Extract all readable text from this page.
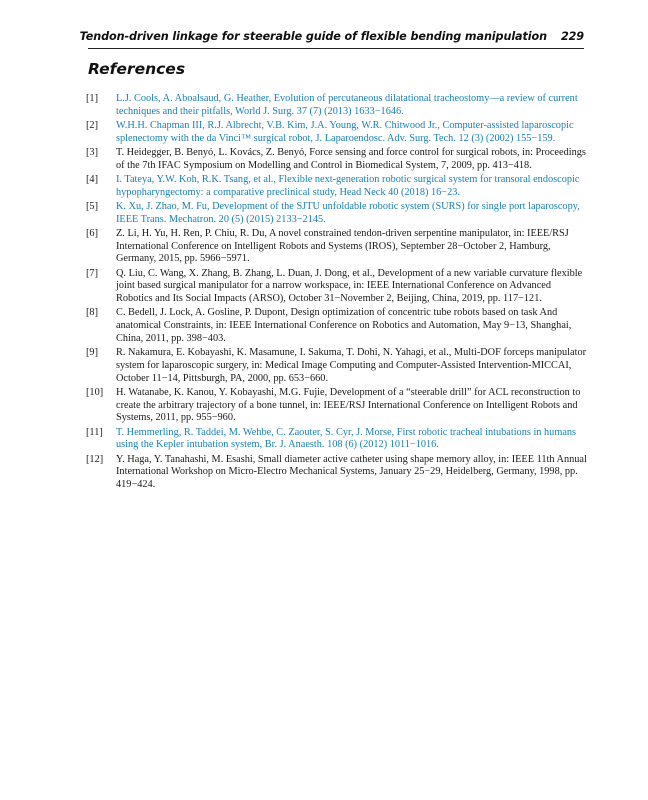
Tendon-driven linkage for steerable guide of flexible bending manipulation 229
References
[1]	L.J. Cools, A. Aboalsaud, G. Heather, Evolution of percutaneous dilatational tracheostomy—a review of current techniques and their pitfalls, World J. Surg. 37 (7) (2013) 1633−1646.
[2]	W.H.H. Chapman III, R.J. Albrecht, V.B. Kim, J.A. Young, W.R. Chitwood Jr., Computer-assisted laparoscopic splenectomy with the da Vinci™ surgical robot, J. Laparoendosc. Adv. Surg. Tech. 12 (3) (2002) 155−159.
[3]	T. Heidegger, B. Benyó, L. Kovács, Z. Benyó, Force sensing and force control for surgical robots, in: Proceedings of the 7th IFAC Symposium on Modelling and Control in Biomedical System, 7, 2009, pp. 413−418.
[4]	I. Tateya, Y.W. Koh, R.K. Tsang, et al., Flexible next-generation robotic surgical system for transoral endoscopic hypopharyngectomy: a comparative preclinical study, Head Neck 40 (2018) 16−23.
[5]	K. Xu, J. Zhao, M. Fu, Development of the SJTU unfoldable robotic system (SURS) for single port laparoscopy, IEEE Trans. Mechatron. 20 (5) (2015) 2133−2145.
[6]	Z. Li, H. Yu, H. Ren, P. Chiu, R. Du, A novel constrained tendon-driven serpentine manipulator, in: IEEE/RSJ International Conference on Intelligent Robots and Systems (IROS), September 28−October 2, Hamburg, Germany, 2015, pp. 5966−5971.
[7]	Q. Liu, C. Wang, X. Zhang, B. Zhang, L. Duan, J. Dong, et al., Development of a new variable curvature flexible joint based surgical manipulator for a narrow workspace, in: IEEE International Conference on Advanced Robotics and Its Social Impacts (ARSO), October 31−November 2, Beijing, China, 2019, pp. 117−121.
[8]	C. Bedell, J. Lock, A. Gosline, P. Dupont, Design optimization of concentric tube robots based on task And anatomical Constraints, in: IEEE International Conference on Robotics and Automation, May 9−13, Shanghai, China, 2011, pp. 398−403.
[9]	R. Nakamura, E. Kobayashi, K. Masamune, I. Sakuma, T. Dohi, N. Yahagi, et al., Multi-DOF forceps manipulator system for laparoscopic surgery, in: Medical Image Computing and Computer-Assisted Intervention-MICCAI, October 11−14, Pittsburgh, PA, 2000, pp. 653−660.
[10]	H. Watanabe, K. Kanou, Y. Kobayashi, M.G. Fujie, Development of a “steerable drill” for ACL reconstruction to create the arbitrary trajectory of a bone tunnel, in: IEEE/RSJ International Conference on Intelligent Robots and Systems, 2011, pp. 955−960.
[11]	T. Hemmerling, R. Taddei, M. Wehbe, C. Zaouter, S. Cyr, J. Morse, First robotic tracheal intubations in humans using the Kepler intubation system, Br. J. Anaesth. 108 (6) (2012) 1011−1016.
[12]	Y. Haga, Y. Tanahashi, M. Esashi, Small diameter active catheter using shape memory alloy, in: IEEE 11th Annual International Workshop on Micro-Electro Mechanical Systems, January 25−29, Heidelberg, Germany, 1998, pp. 419−424.
